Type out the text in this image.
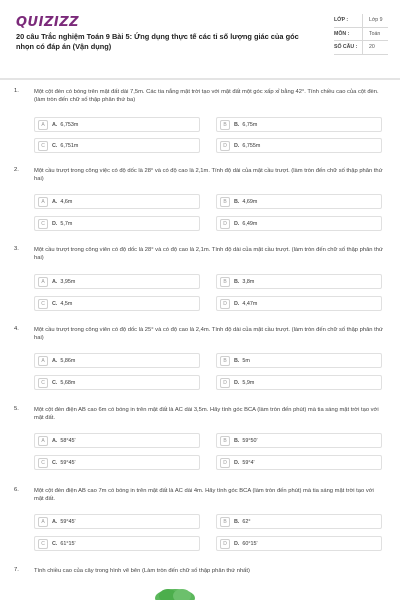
QUIZIZZ
20 câu Trắc nghiệm Toán 9 Bài 5: Ứng dụng thực tế các tỉ số lượng giác của góc nhọn có đáp án (Vận dụng)
LỚP :	Lớp 9
MÔN :	Toán
SỐ CÂU :	20
1.	Một cột đèn có bóng trên mặt đất dài 7,5m. Các tia nắng mặt trời tạo với mặt đất một góc xấp xỉ bằng 42°. Tính chiều cao của cột đèn. (làm tròn đến chữ số thập phân thứ ba)
A	A. 6,753m	B	B. 6,75m
C	C. 6,751m	D	D. 6,755m
2.	Một cầu trượt trong công việc có độ dốc là 28° và có độ cao là 2,1m. Tính độ dài của mặt cầu trượt. (làm tròn đến chữ số thập phân thứ hai)
A	A. 4,6m	B	B. 4,69m
C	D. 5,7m	D	D. 6,49m
3.	Một cầu trượt trong công viên có độ dốc là 28° và có độ cao là 2,1m. Tính độ dài của mặt cầu trượt. (làm tròn đến chữ số thập phân thứ hai)
A	A. 3,95m	B	B. 3,8m
C	C. 4,5m	D	D. 4,47m
4.	Một cầu trượt trong công viên có độ dốc là 25° và có độ cao là 2,4m. Tính độ dài của mặt cầu trượt. (làm tròn đến chữ số thập phân thứ hai)
A	A. 5,86m	B	B. 5m
C	C. 5,68m	D	D. 5,9m
5.	Một cột đèn điện AB cao 6m có bóng in trên mặt đất là AC dài 3,5m. Hãy tính góc BCA (làm tròn đến phút) mà tia sáng mặt trời tạo với mặt đất.
A	A. 58°45'	B	B. 59°50'
C	C. 59°45'	D	D. 59°4'
6.	Một cột đèn điện AB cao 7m có bóng in trên mặt đất là AC dài 4m. Hãy tính góc BCA (làm tròn đến phút) mà tia sáng mặt trời tạo với mặt đất.
A	A. 59°45'	B	B. 62°
C	C. 61°15'	D	D. 60°15'
7.	Tính chiều cao của cây trong hình vẽ bên (Làm tròn đến chữ số thập phân thứ nhất)
